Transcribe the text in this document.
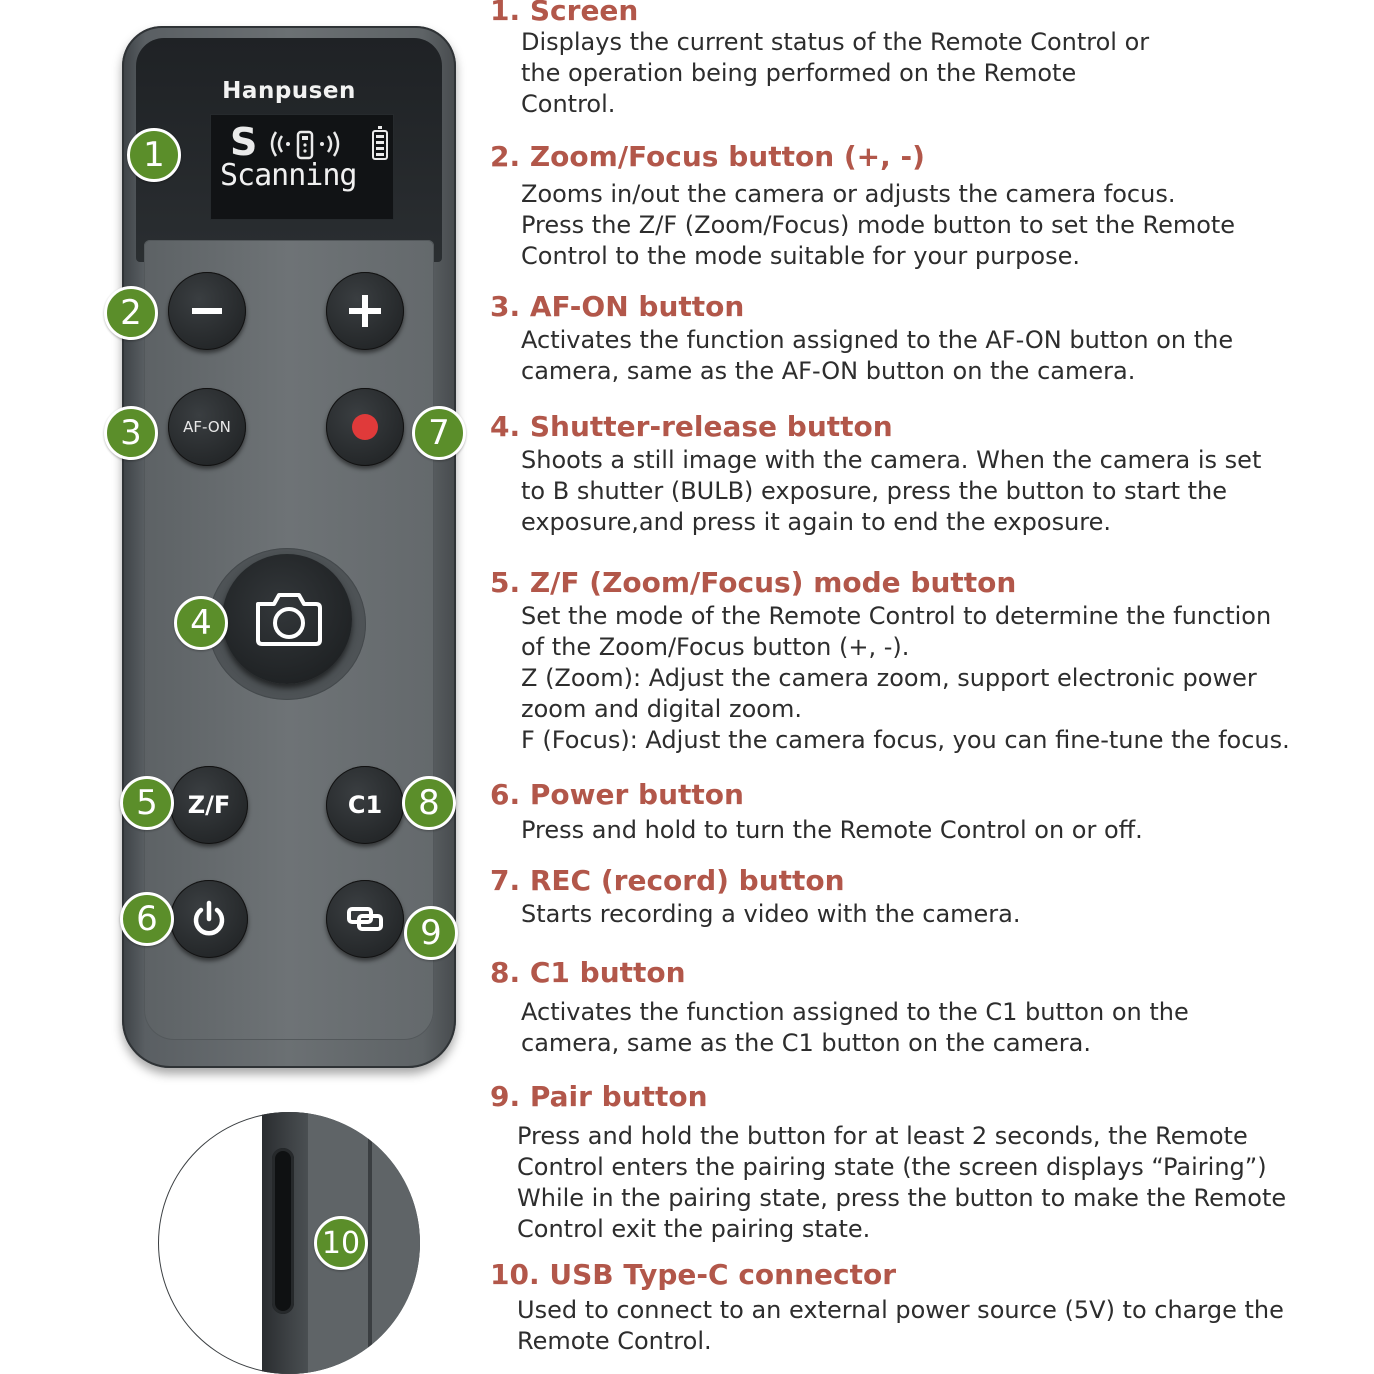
Hanpusen
S
Scanning
AF-ON
Z/F	C1
1
2
3
4
5
6
7
8
9
10
1. Screen

Displays the current status of the Remote Control or
the operation being performed on the Remote
Control.

2. Zoom/Focus button (+, -)

Zooms in/out the camera or adjusts the camera focus.
Press the Z/F (Zoom/Focus) mode button to set the Remote
Control to the mode suitable for your purpose.

3. AF-ON button

Activates the function assigned to the AF-ON button on the
camera, same as the AF-ON button on the camera.

4. Shutter-release button

Shoots a still image with the camera. When the camera is set
to B shutter (BULB) exposure, press the button to start the
exposure,and press it again to end the exposure.

5. Z/F (Zoom/Focus) mode button

Set the mode of the Remote Control to determine the function
of the Zoom/Focus button (+, -).
Z (Zoom): Adjust the camera zoom, support electronic power
zoom and digital zoom.
F (Focus): Adjust the camera focus, you can fine-tune the focus.

6. Power button

Press and hold to turn the Remote Control on or off.

7. REC (record) button

Starts recording a video with the camera.

8. C1 button

Activates the function assigned to the C1 button on the
camera, same as the C1 button on the camera.

9. Pair button

Press and hold the button for at least 2 seconds, the Remote
Control enters the pairing state (the screen displays “Pairing”)
While in the pairing state, press the button to make the Remote
Control exit the pairing state.

10. USB Type-C connector

Used to connect to an external power source (5V) to charge the
Remote Control.
